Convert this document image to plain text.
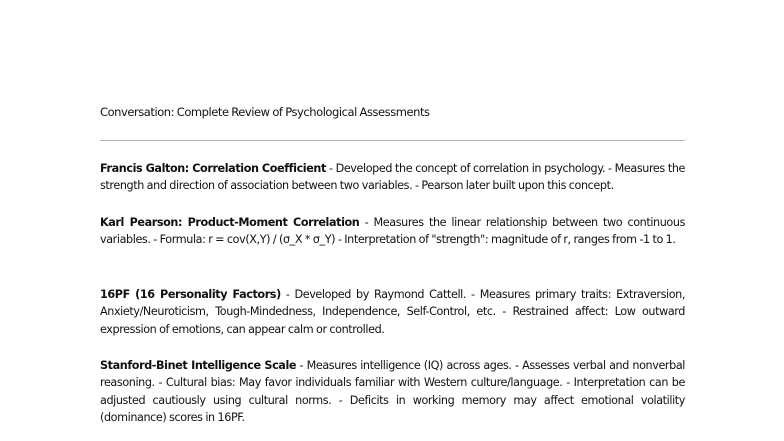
Conversation: Complete Review of Psychological Assessments

Francis Galton: Correlation Coefficient - Developed the concept of correlation in psychology. - Measures the strength and direction of association between two variables. - Pearson later built upon this concept.

Karl Pearson: Product-Moment Correlation - Measures the linear relationship between two continuous variables. - Formula: r = cov(X,Y) / (σ_X * σ_Y) - Interpretation of "strength": magnitude of r, ranges from -1 to 1.

16PF (16 Personality Factors) - Developed by Raymond Cattell. - Measures primary traits: Extraversion, Anxiety/Neuroticism, Tough-Mindedness, Independence, Self-Control, etc. - Restrained affect: Low outward expression of emotions, can appear calm or controlled.

Stanford-Binet Intelligence Scale - Measures intelligence (IQ) across ages. - Assesses verbal and nonverbal reasoning. - Cultural bias: May favor individuals familiar with Western culture/language. - Interpretation can be adjusted cautiously using cultural norms. - Deficits in working memory may affect emotional volatility (dominance) scores in 16PF.
